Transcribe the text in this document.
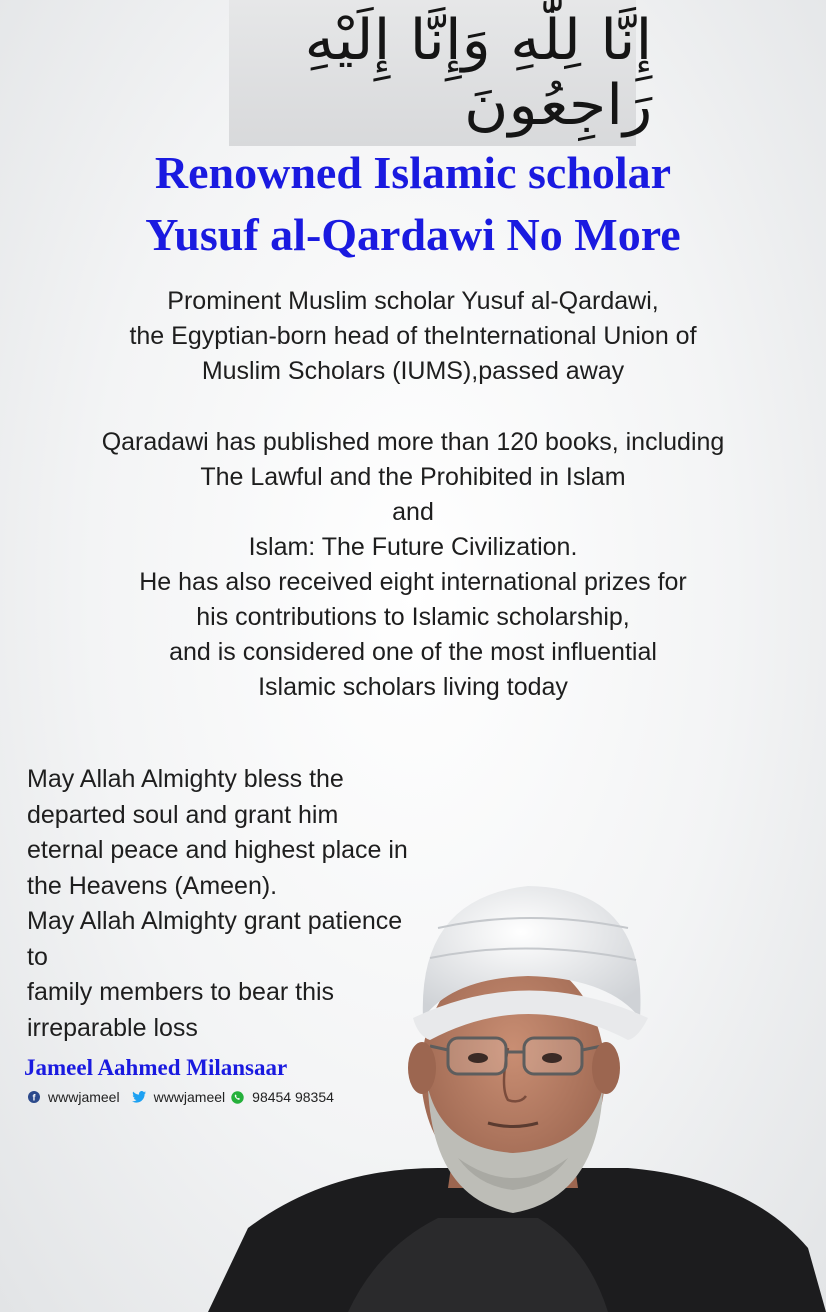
إِنَّا لِلَّٰهِ وَإِنَّا إِلَيْهِ رَاجِعُونَ
Renowned Islamic scholar
Yusuf al-Qardawi No More
Prominent Muslim scholar Yusuf al-Qardawi,
the Egyptian-born head of theInternational Union of
Muslim Scholars (IUMS),passed away
Qaradawi has published more than 120 books, including
The Lawful and the Prohibited in Islam
and
Islam: The Future Civilization.
He has also received eight international prizes for
his contributions to Islamic scholarship,
and is considered one of the most influential
Islamic scholars living today
May Allah Almighty bless the
departed soul and grant him
eternal peace and highest place in
the Heavens (Ameen).
May Allah Almighty grant patience
to
family members to bear this
irreparable loss
Jameel Aahmed Milansaar
f wwwjameel wwwjameel 98454 98354
